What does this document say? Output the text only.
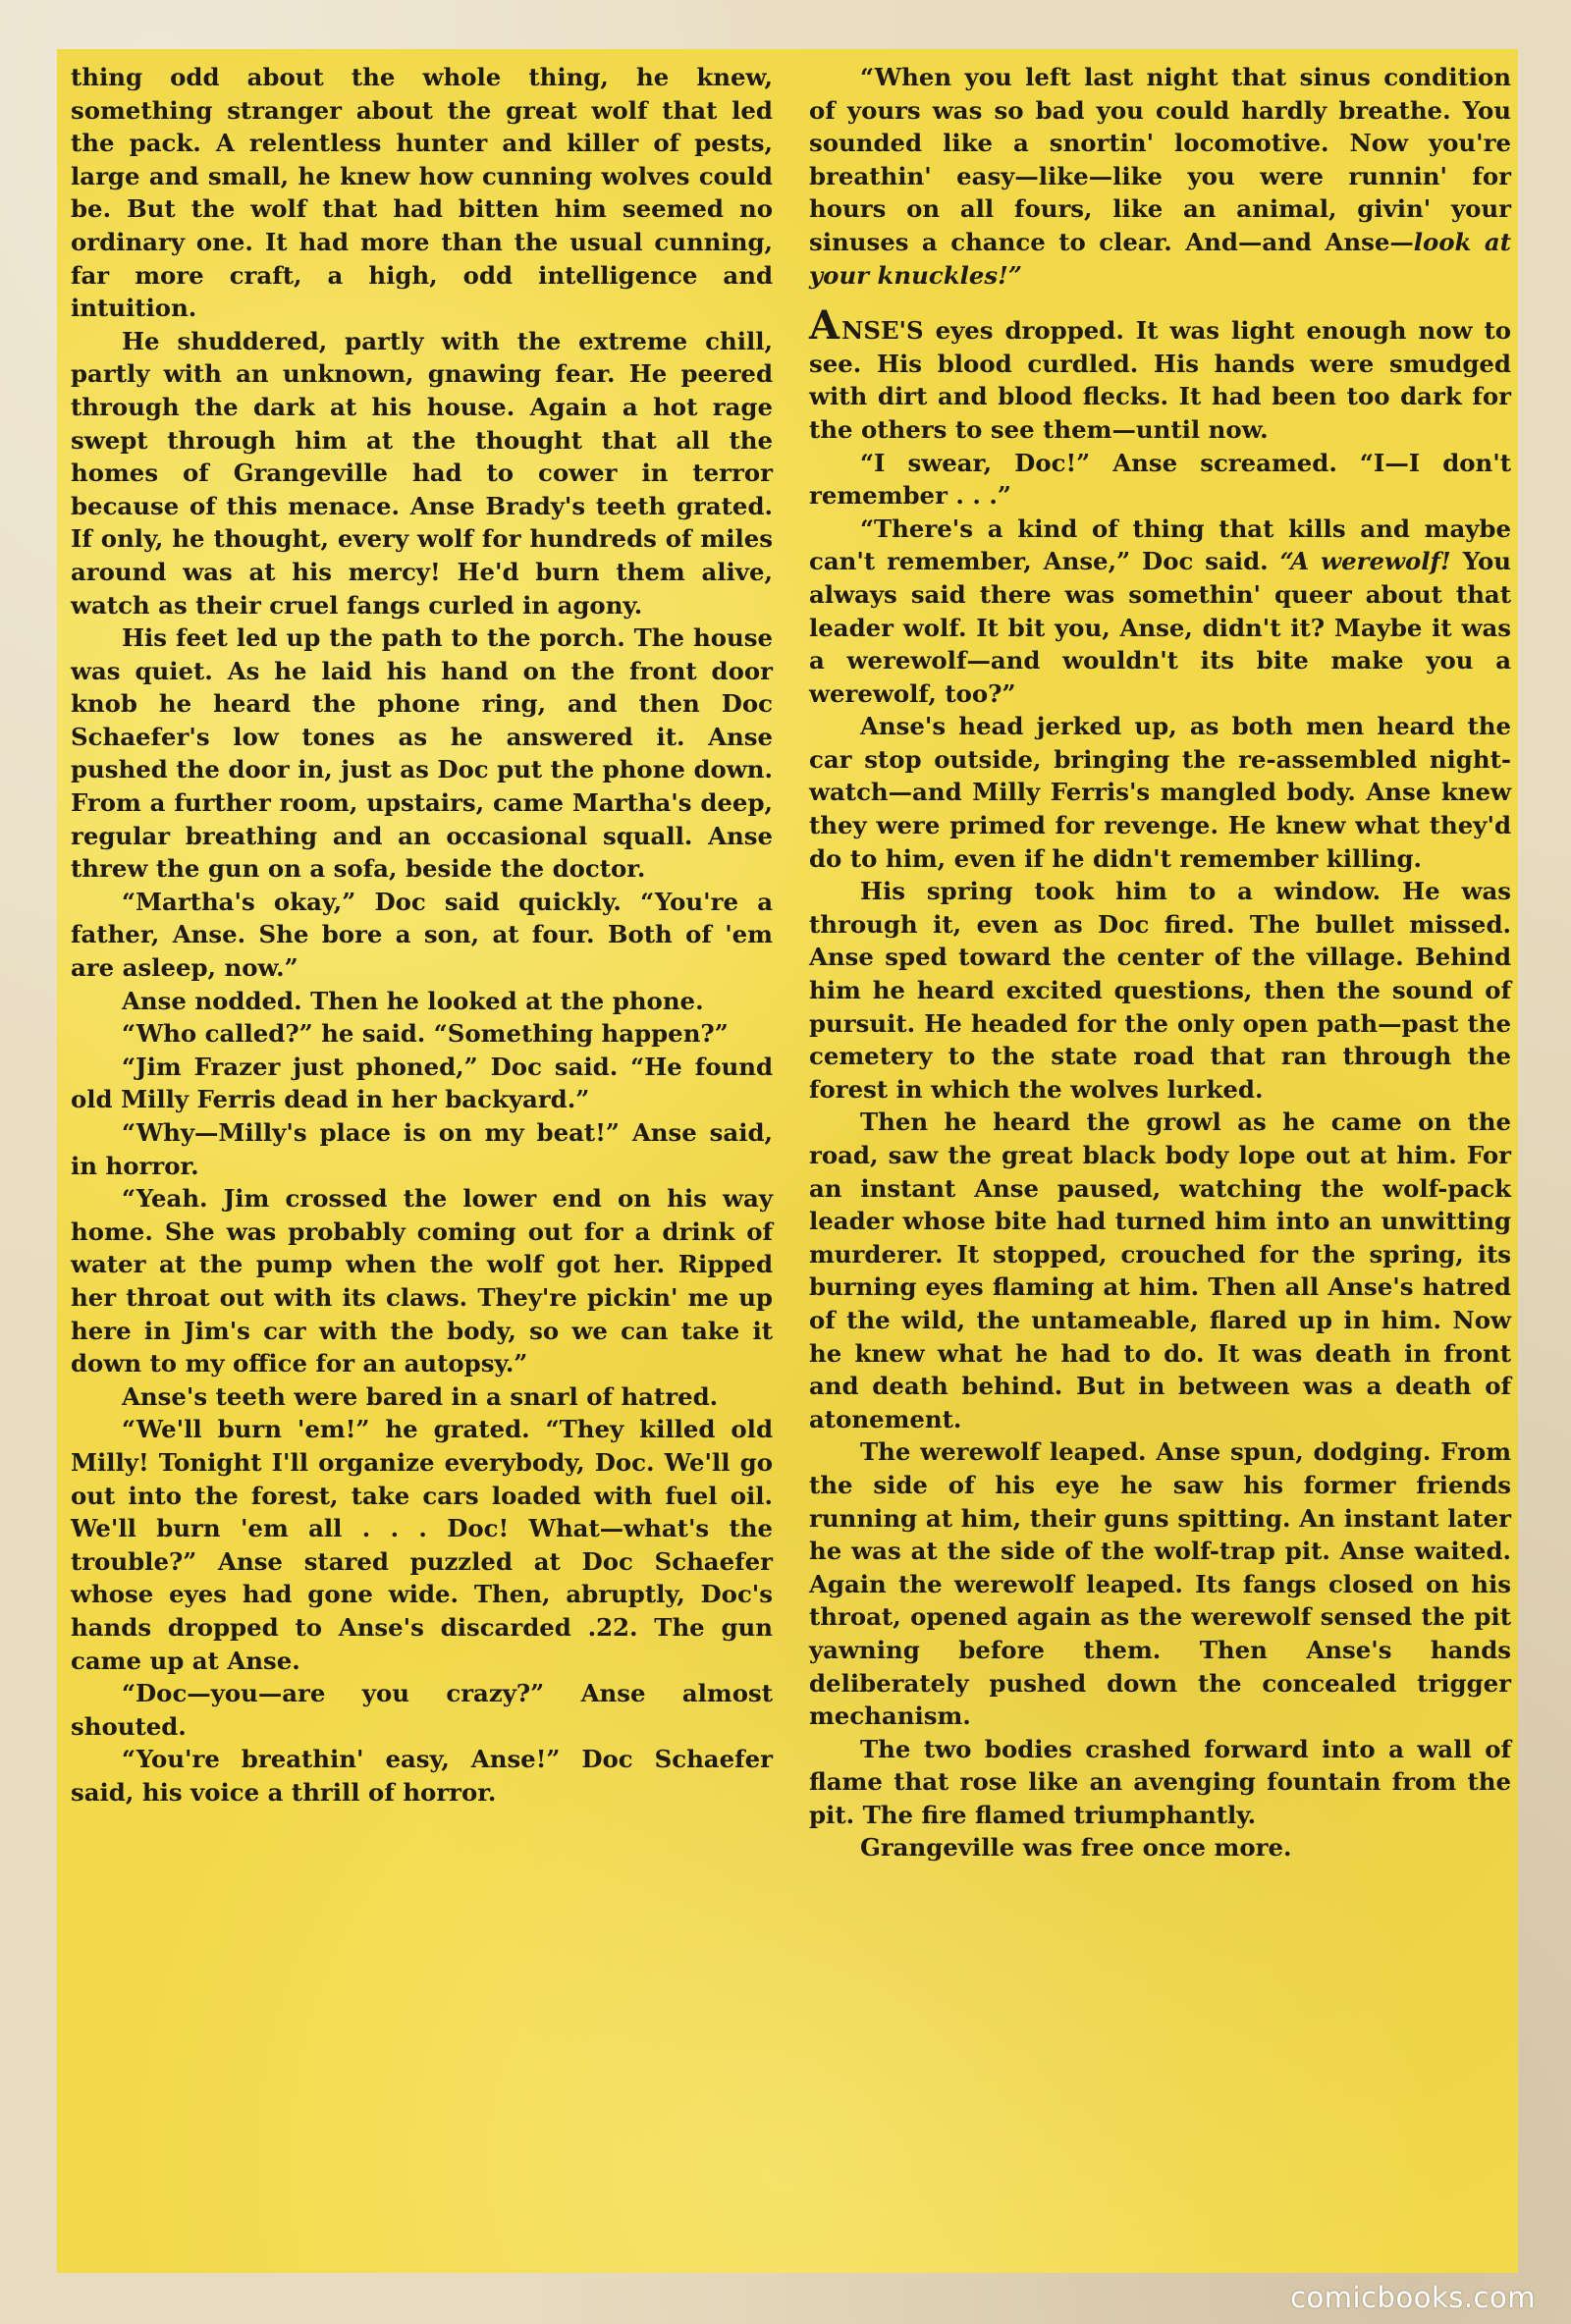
thing odd about the whole thing, he knew, something stranger about the great wolf that led the pack. A relentless hunter and killer of pests, large and small, he knew how cunning wolves could be. But the wolf that had bitten him seemed no ordinary one. It had more than the usual cunning, far more craft, a high, odd intelligence and intuition.

He shuddered, partly with the extreme chill, partly with an unknown, gnawing fear. He peered through the dark at his house. Again a hot rage swept through him at the thought that all the homes of Grangeville had to cower in terror because of this menace. Anse Brady's teeth grated. If only, he thought, every wolf for hundreds of miles around was at his mercy! He'd burn them alive, watch as their cruel fangs curled in agony.

His feet led up the path to the porch. The house was quiet. As he laid his hand on the front door knob he heard the phone ring, and then Doc Schaefer's low tones as he answered it. Anse pushed the door in, just as Doc put the phone down. From a further room, upstairs, came Martha's deep, regular breathing and an occasional squall. Anse threw the gun on a sofa, beside the doctor.

“Martha's okay,” Doc said quickly. “You're a father, Anse. She bore a son, at four. Both of 'em are asleep, now.”

Anse nodded. Then he looked at the phone.

“Who called?” he said. “Something happen?”

“Jim Frazer just phoned,” Doc said. “He found old Milly Ferris dead in her backyard.”

“Why—Milly's place is on my beat!” Anse said, in horror.

“Yeah. Jim crossed the lower end on his way home. She was probably coming out for a drink of water at the pump when the wolf got her. Ripped her throat out with its claws. They're pickin' me up here in Jim's car with the body, so we can take it down to my office for an autopsy.”

Anse's teeth were bared in a snarl of hatred.

“We'll burn 'em!” he grated. “They killed old Milly! Tonight I'll organize everybody, Doc. We'll go out into the forest, take cars loaded with fuel oil. We'll burn 'em all . . . Doc! What—what's the trouble?” Anse stared puzzled at Doc Schaefer whose eyes had gone wide. Then, abruptly, Doc's hands dropped to Anse's discarded .22. The gun came up at Anse.

“Doc—you—are you crazy?” Anse almost shouted.

“You're breathin' easy, Anse!” Doc Schaefer said, his voice a thrill of horror.

“When you left last night that sinus condition of yours was so bad you could hardly breathe. You sounded like a snortin' locomotive. Now you're breathin' easy—like—like you were runnin' for hours on all fours, like an animal, givin' your sinuses a chance to clear. And—and Anse—look at your knuckles!”

ANSE'S eyes dropped. It was light enough now to see. His blood curdled. His hands were smudged with dirt and blood flecks. It had been too dark for the others to see them—until now.

“I swear, Doc!” Anse screamed. “I—I don't remember . . .”

“There's a kind of thing that kills and maybe can't remember, Anse,” Doc said. “A werewolf! You always said there was somethin' queer about that leader wolf. It bit you, Anse, didn't it? Maybe it was a werewolf—and wouldn't its bite make you a werewolf, too?”

Anse's head jerked up, as both men heard the car stop outside, bringing the re-assembled night-watch—and Milly Ferris's mangled body. Anse knew they were primed for revenge. He knew what they'd do to him, even if he didn't remember killing.

His spring took him to a window. He was through it, even as Doc fired. The bullet missed. Anse sped toward the center of the village. Behind him he heard excited questions, then the sound of pursuit. He headed for the only open path—past the cemetery to the state road that ran through the forest in which the wolves lurked.

Then he heard the growl as he came on the road, saw the great black body lope out at him. For an instant Anse paused, watching the wolf-pack leader whose bite had turned him into an unwitting murderer. It stopped, crouched for the spring, its burning eyes flaming at him. Then all Anse's hatred of the wild, the untameable, flared up in him. Now he knew what he had to do. It was death in front and death behind. But in between was a death of atonement.

The werewolf leaped. Anse spun, dodging. From the side of his eye he saw his former friends running at him, their guns spitting. An instant later he was at the side of the wolf-trap pit. Anse waited. Again the werewolf leaped. Its fangs closed on his throat, opened again as the werewolf sensed the pit yawning before them. Then Anse's hands deliberately pushed down the concealed trigger mechanism.

The two bodies crashed forward into a wall of flame that rose like an avenging fountain from the pit. The fire flamed triumphantly.

Grangeville was free once more.

comicbooks.com
